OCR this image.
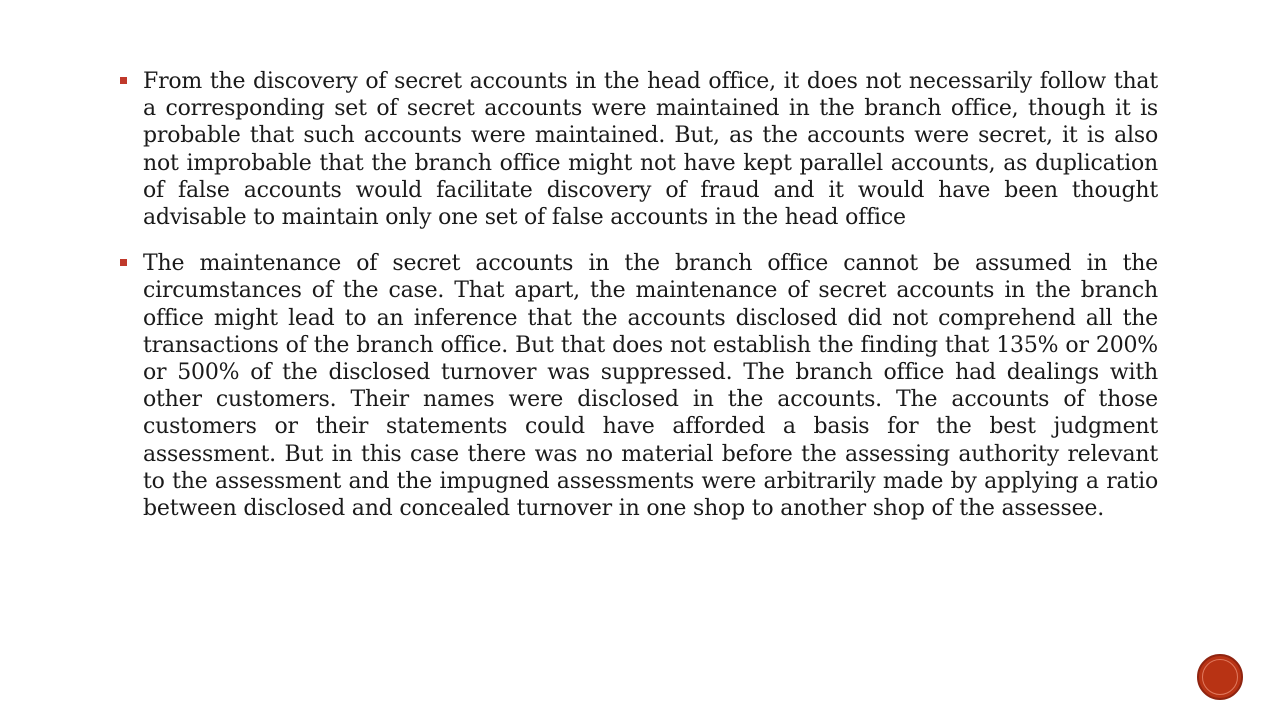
From the discovery of secret accounts in the head office, it does not necessarily follow that a corresponding set of secret accounts were maintained in the branch office, though it is probable that such accounts were maintained. But, as the accounts were secret, it is also not improbable that the branch office might not have kept parallel accounts, as duplication of false accounts would facilitate discovery of fraud and it would have been thought advisable to maintain only one set of false accounts in the head office
The maintenance of secret accounts in the branch office cannot be assumed in the circumstances of the case. That apart, the maintenance of secret accounts in the branch office might lead to an inference that the accounts disclosed did not comprehend all the transactions of the branch office. But that does not establish the finding that 135% or 200% or 500% of the disclosed turnover was suppressed. The branch office had dealings with other customers. Their names were disclosed in the accounts. The accounts of those customers or their statements could have afforded a basis for the best judgment assessment. But in this case there was no material before the assessing authority relevant to the assessment and the impugned assessments were arbitrarily made by applying a ratio between disclosed and concealed turnover in one shop to another shop of the assessee.
